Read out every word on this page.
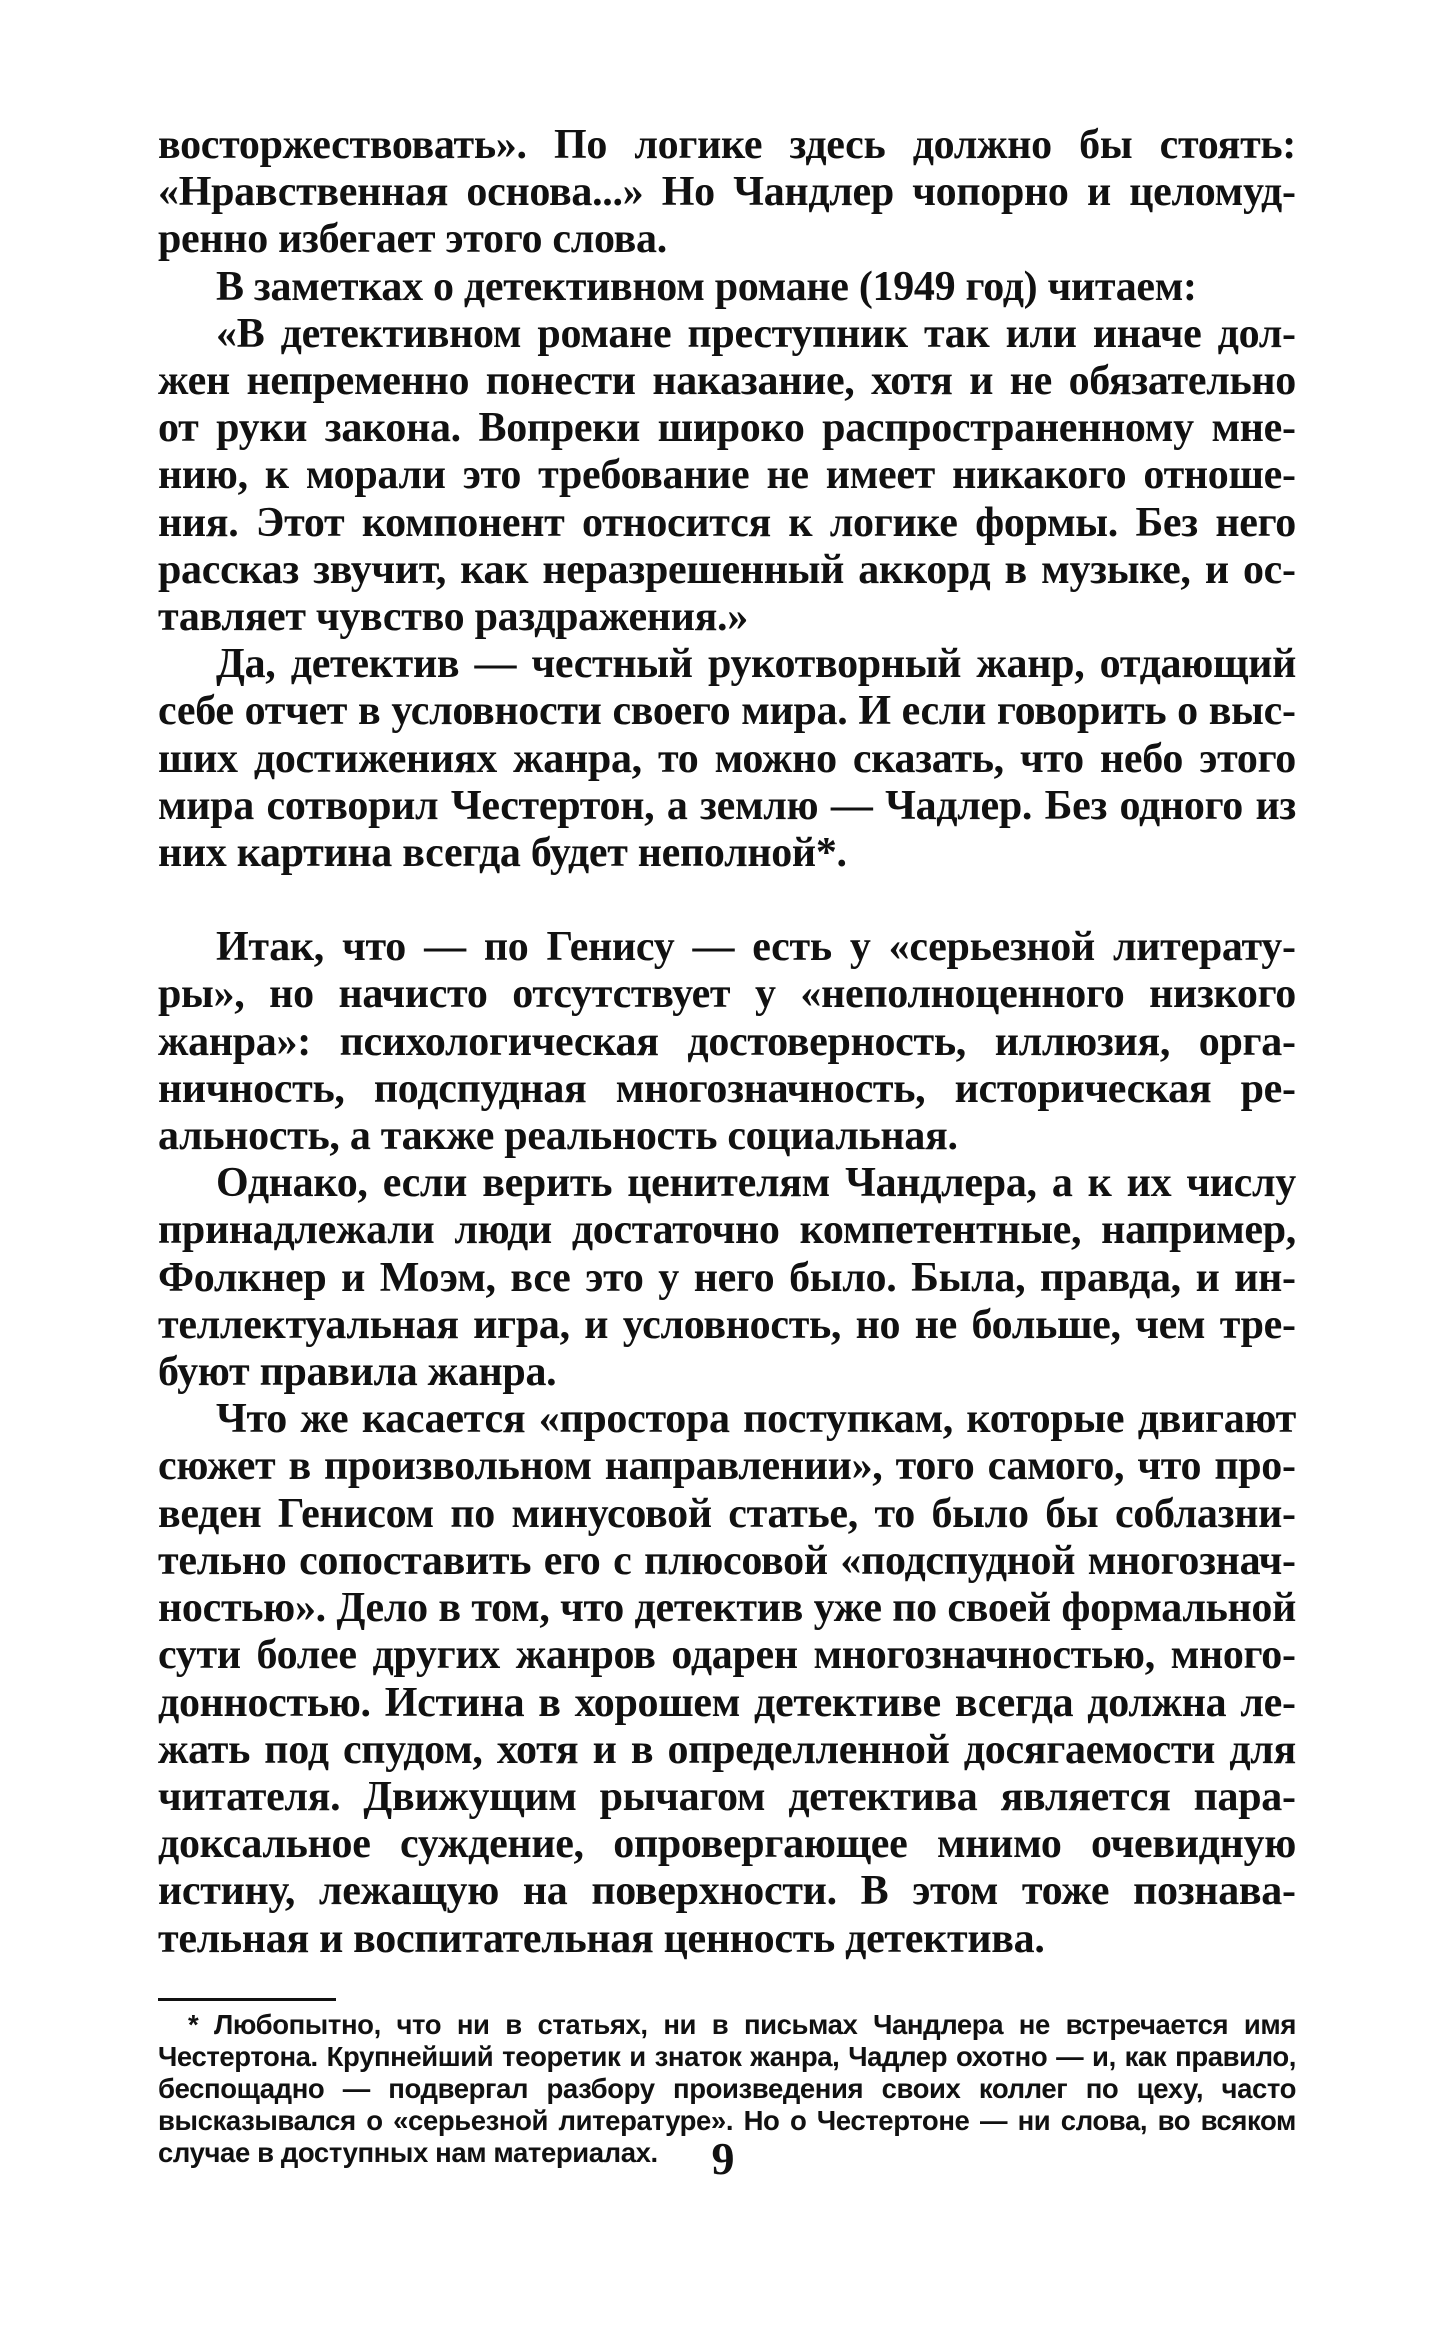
восторжествовать». По логике здесь должно бы стоять: «Нравственная основа...» Но Чандлер чопорно и целомудренно избегает этого слова.

В заметках о детективном романе (1949 год) читаем:

«В детективном романе преступник так или иначе должен непременно понести наказание, хотя и не обязательно от руки закона. Вопреки широко распространенному мнению, к морали это требование не имеет никакого отношения. Этот компонент относится к логике формы. Без него рассказ звучит, как неразрешенный аккорд в музыке, и оставляет чувство раздражения.»

Да, детектив — честный рукотворный жанр, отдающий себе отчет в условности своего мира. И если говорить о высших достижениях жанра, то можно сказать, что небо этого мира сотворил Честертон, а землю — Чадлер. Без одного из них картина всегда будет неполной*.

Итак, что — по Генису — есть у «серьезной литературы», но начисто отсутствует у «неполноценного низкого жанра»: психологическая достоверность, иллюзия, органичность, подспудная многозначность, историческая реальность, а также реальность социальная.

Однако, если верить ценителям Чандлера, а к их числу принадлежали люди достаточно компетентные, например, Фолкнер и Моэм, все это у него было. Была, правда, и интеллектуальная игра, и условность, но не больше, чем требуют правила жанра.

Что же касается «простора поступкам, которые двигают сюжет в произвольном направлении», того самого, что проведен Генисом по минусовой статье, то было бы соблазнительно сопоставить его с плюсовой «подспудной многозначностью». Дело в том, что детектив уже по своей формальной сути более других жанров одарен многозначностью, многодонностью. Истина в хорошем детективе всегда должна лежать под спудом, хотя и в определленной досягаемости для читателя. Движущим рычагом детектива является парадоксальное суждение, опровергающее мнимо очевидную истину, лежащую на поверхности. В этом тоже познавательная и воспитательная ценность детектива.

* Любопытно, что ни в статьях, ни в письмах Чандлера не встречается имя Честертона. Крупнейший теоретик и знаток жанра, Чадлер охотно — и, как правило, беспощадно — подвергал разбору произведения своих коллег по цеху, часто высказывался о «серьезной литературе». Но о Честертоне — ни слова, во всяком случае в доступных нам материалах.	9
